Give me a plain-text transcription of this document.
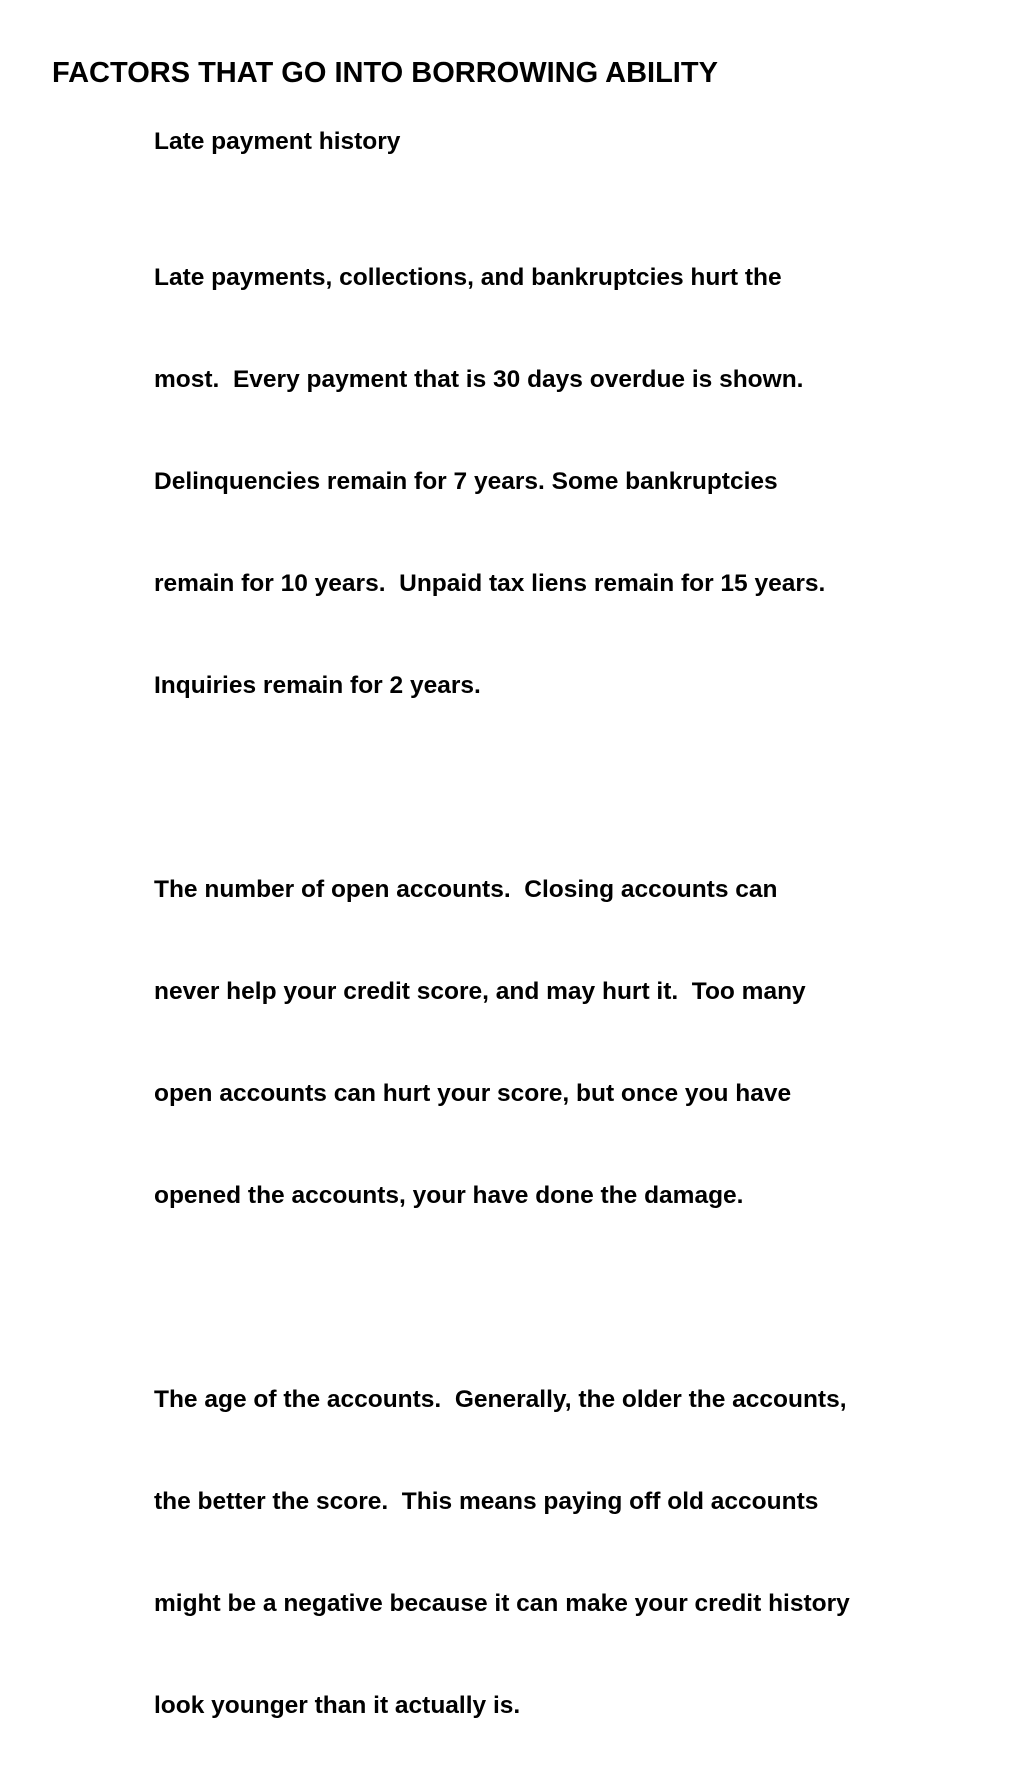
FACTORS THAT GO INTO BORROWING ABILITY

Late payment history

Late payments, collections, and bankruptcies hurt the

most.  Every payment that is 30 days overdue is shown.

Delinquencies remain for 7 years. Some bankruptcies

remain for 10 years.  Unpaid tax liens remain for 15 years.

Inquiries remain for 2 years.

The number of open accounts.  Closing accounts can

never help your credit score, and may hurt it.  Too many

open accounts can hurt your score, but once you have

opened the accounts, your have done the damage.

The age of the accounts.  Generally, the older the accounts,

the better the score.  This means paying off old accounts

might be a negative because it can make your credit history

look younger than it actually is.
